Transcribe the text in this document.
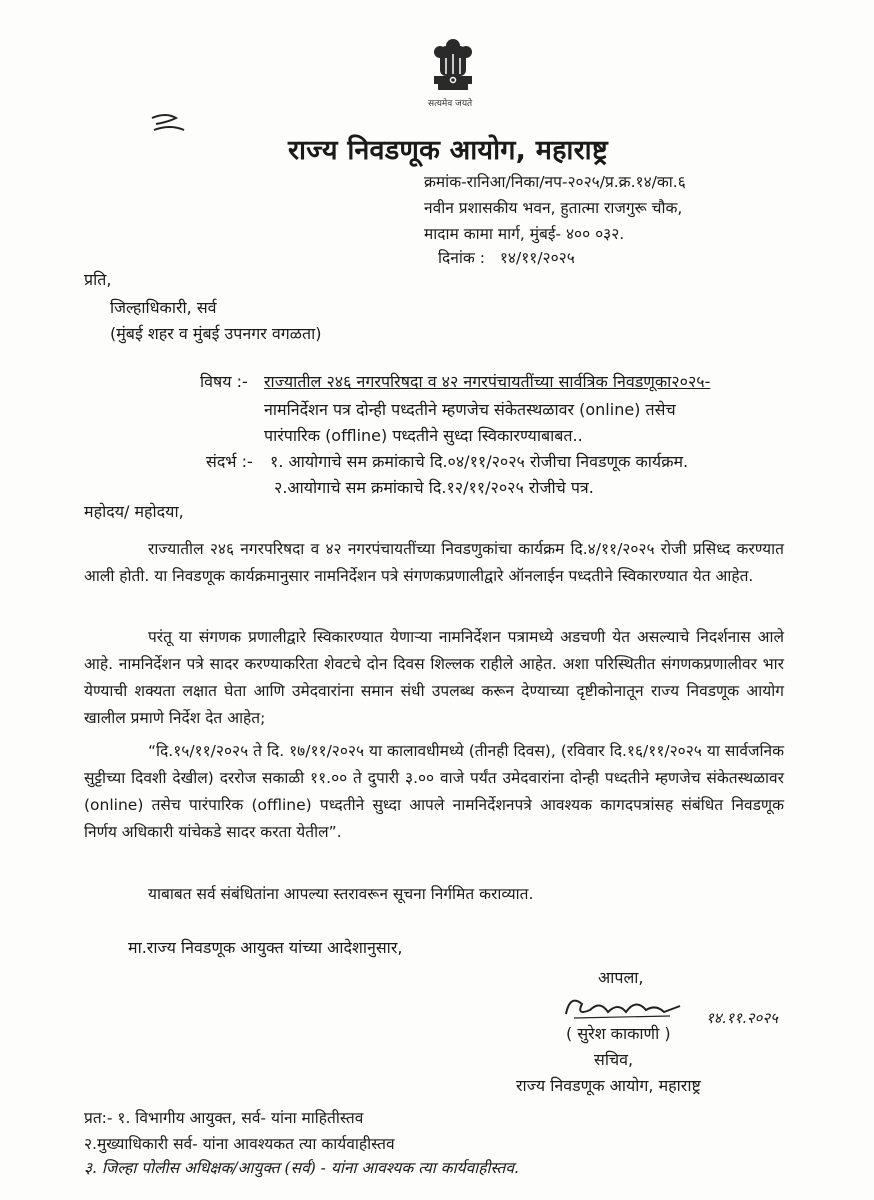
सत्यमेव जयते
राज्य निवडणूक आयोग, महाराष्ट्र
क्रमांक-रानिआ/निका/नप-२०२५/प्र.क्र.१४/का.६
नवीन प्रशासकीय भवन, हुतात्मा राजगुरू चौक,
मादाम कामा मार्ग, मुंबई- ४०० ०३२.
दिनांक : १४/११/२०२५
प्रति,
जिल्हाधिकारी, सर्व
(मुंबई शहर व मुंबई उपनगर वगळता)
विषय :- राज्यातील २४६ नगरपरिषदा व ४२ नगरपंचायतींच्या सार्वत्रिक निवडणूका२०२५-
नामनिर्देशन पत्र दोन्ही पध्दतीने म्हणजेच संकेतस्थळावर (online) तसेच
पारंपारिक (offline) पध्दतीने सुध्दा स्विकारण्याबाबत..
संदर्भ :- १. आयोगाचे सम क्रमांकाचे दि.०४/११/२०२५ रोजीचा निवडणूक कार्यक्रम.
२.आयोगाचे सम क्रमांकाचे दि.१२/११/२०२५ रोजीचे पत्र.
महोदय/ महोदया,
राज्यातील २४६ नगरपरिषदा व ४२ नगरपंचायतींच्या निवडणुकांचा कार्यक्रम दि.४/११/२०२५ रोजी प्रसिध्द करण्यात आली होती. या निवडणूक कार्यक्रमानुसार नामनिर्देशन पत्रे संगणकप्रणालीद्वारे ऑनलाईन पध्दतीने स्विकारण्यात येत आहेत.
परंतू या संगणक प्रणालीद्वारे स्विकारण्यात येणाऱ्या नामनिर्देशन पत्रामध्ये अडचणी येत असल्याचे निदर्शनास आले आहे. नामनिर्देशन पत्रे सादर करण्याकरिता शेवटचे दोन दिवस शिल्लक राहीले आहेत. अशा परिस्थितीत संगणकप्रणालीवर भार येण्याची शक्यता लक्षात घेता आणि उमेदवारांना समान संधी उपलब्ध करून देण्याच्या दृष्टीकोनातून राज्य निवडणूक आयोग खालील प्रमाणे निर्देश देत आहेत;
“दि.१५/११/२०२५ ते दि. १७/११/२०२५ या कालावधीमध्ये (तीनही दिवस), (रविवार दि.१६/११/२०२५ या सार्वजनिक सुट्टीच्या दिवशी देखील) दररोज सकाळी ११.०० ते दुपारी ३.०० वाजे पर्यंत उमेदवारांना दोन्ही पध्दतीने म्हणजेच संकेतस्थळावर (online) तसेच पारंपारिक (offline) पध्दतीने सुध्दा आपले नामनिर्देशनपत्रे आवश्यक कागदपत्रांसह संबंधित निवडणूक निर्णय अधिकारी यांचेकडे सादर करता येतील”.
याबाबत सर्व संबंधितांना आपल्या स्तरावरून सूचना निर्गमित कराव्यात.
मा.राज्य निवडणूक आयुक्त यांच्या आदेशानुसार,
आपला,
१४.११.२०२५
( सुरेश काकाणी )
सचिव,
राज्य निवडणूक आयोग, महाराष्ट्र
प्रत:- १. विभागीय आयुक्त, सर्व- यांना माहितीस्तव
२.मुख्याधिकारी सर्व- यांना आवश्यकत त्या कार्यवाहीस्तव
३. जिल्हा पोलीस अधिक्षक/आयुक्त (सर्व) - यांना आवश्यक त्या कार्यवाहीस्तव.
